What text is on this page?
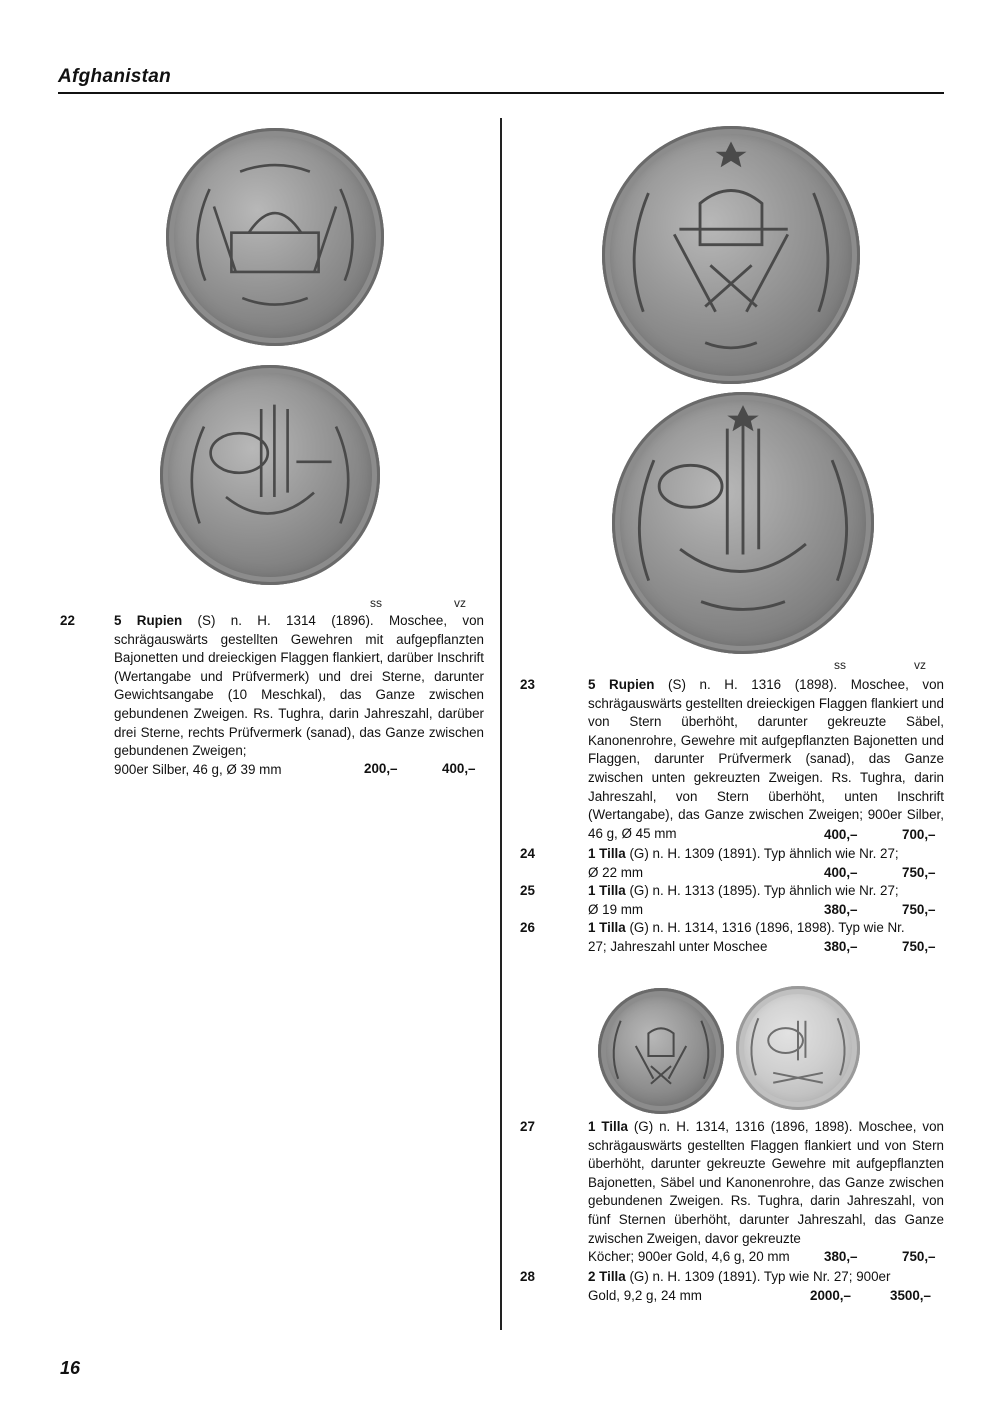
Afghanistan
ss	vz
22	5 Rupien (S) n. H. 1314 (1896). Moschee, von schrägauswärts gestellten Gewehren mit aufgepflanzten Bajonetten und dreieckigen Flaggen flankiert, darüber Inschrift (Wertangabe und Prüfvermerk) und drei Sterne, darunter Gewichtsangabe (10 Meschkal), das Ganze zwischen gebundenen Zweigen. Rs. Tughra, darin Jahreszahl, darüber drei Sterne, rechts Prüfvermerk (sanad), das Ganze zwischen gebundenen Zweigen;
900er Silber, 46 g, Ø 39 mm	200,–	400,–
ss	vz
23	5 Rupien (S) n. H. 1316 (1898). Moschee, von schrägauswärts gestellten dreieckigen Flaggen flankiert und von Stern überhöht, darunter gekreuzte Säbel, Kanonenrohre, Gewehre mit aufgepflanzten Bajonetten und Flaggen, darunter Prüfvermerk (sanad), das Ganze zwischen unten gekreuzten Zweigen. Rs. Tughra, darin Jahreszahl, von Stern überhöht, unten Inschrift (Wertangabe), das Ganze zwischen Zweigen; 900er Silber, 46 g, Ø 45 mm	400,–	700,–
24	1 Tilla (G) n. H. 1309 (1891). Typ ähnlich wie Nr. 27;
Ø 22 mm	400,–	750,–
25	1 Tilla (G) n. H. 1313 (1895). Typ ähnlich wie Nr. 27;
Ø 19 mm	380,–	750,–
26	1 Tilla (G) n. H. 1314, 1316 (1896, 1898). Typ wie Nr.
27; Jahreszahl unter Moschee	380,–	750,–
27	1 Tilla (G) n. H. 1314, 1316 (1896, 1898). Moschee, von schrägauswärts gestellten Flaggen flankiert und von Stern überhöht, darunter gekreuzte Gewehre mit aufgepflanzten Bajonetten, Säbel und Kanonenrohre, das Ganze zwischen gebundenen Zweigen. Rs. Tughra, darin Jahreszahl, von fünf Sternen überhöht, darunter Jahreszahl, das Ganze zwischen Zweigen, davor gekreuzte
Köcher; 900er Gold, 4,6 g, 20 mm	380,–	750,–
28	2 Tilla (G) n. H. 1309 (1891). Typ wie Nr. 27; 900er
Gold, 9,2 g, 24 mm	2000,–	3500,–
16
